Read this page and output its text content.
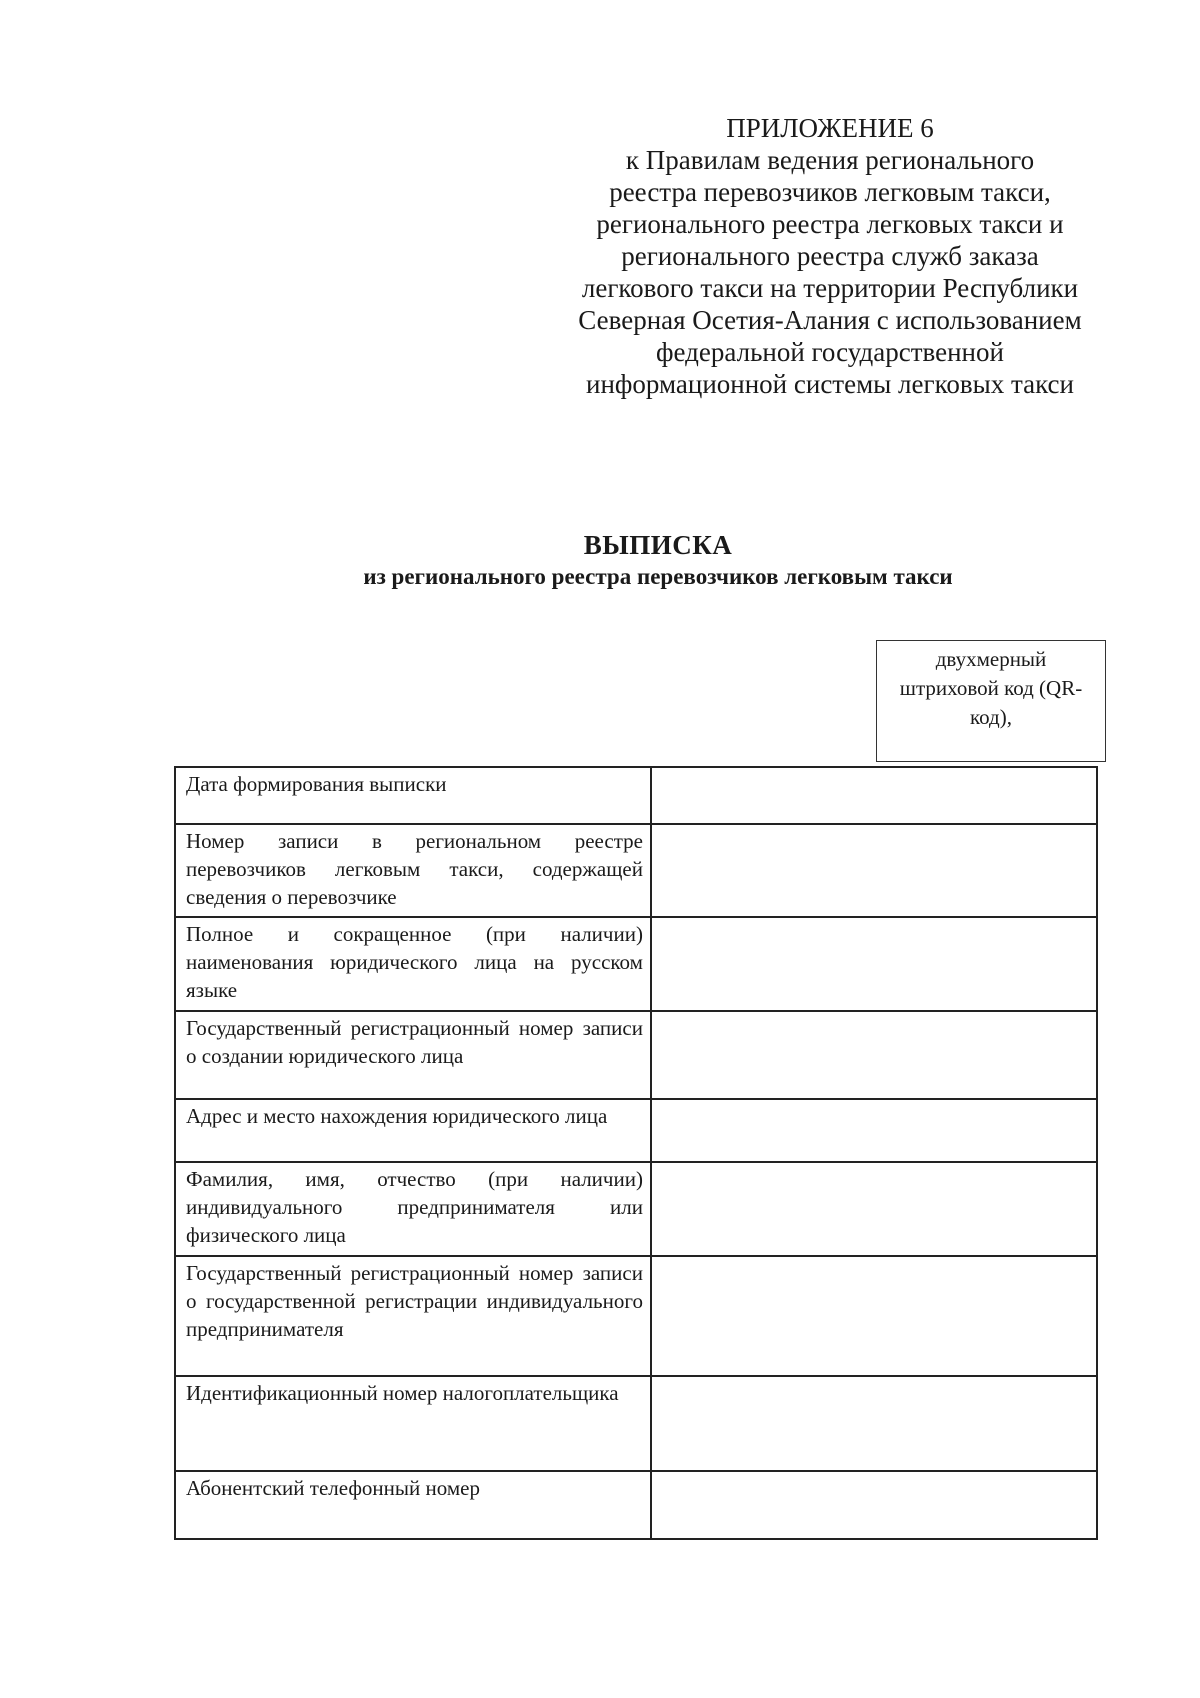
ПРИЛОЖЕНИЕ 6
к Правилам ведения регионального
реестра перевозчиков легковым такси,
регионального реестра легковых такси и
регионального реестра служб заказа
легкового такси на территории Республики
Северная Осетия-Алания с использованием
федеральной государственной
информационной системы легковых такси
ВЫПИСКА
из регионального реестра перевозчиков легковым такси
двухмерный
штриховой код (QR-
код),
Дата формирования выписки	
Номер записи в региональном реестре перевозчиков легковым такси, содержащей сведения о перевозчике	
Полное и сокращенное (при наличии) наименования юридического лица на русском языке	
Государственный регистрационный номер записи о создании юридического лица	
Адрес и место нахождения юридического лица	
Фамилия, имя, отчество (при наличии) индивидуального предпринимателя или физического лица	
Государственный регистрационный номер записи о государственной регистрации индивидуального предпринимателя	
Идентификационный номер налогоплательщика	
Абонентский телефонный номер	
